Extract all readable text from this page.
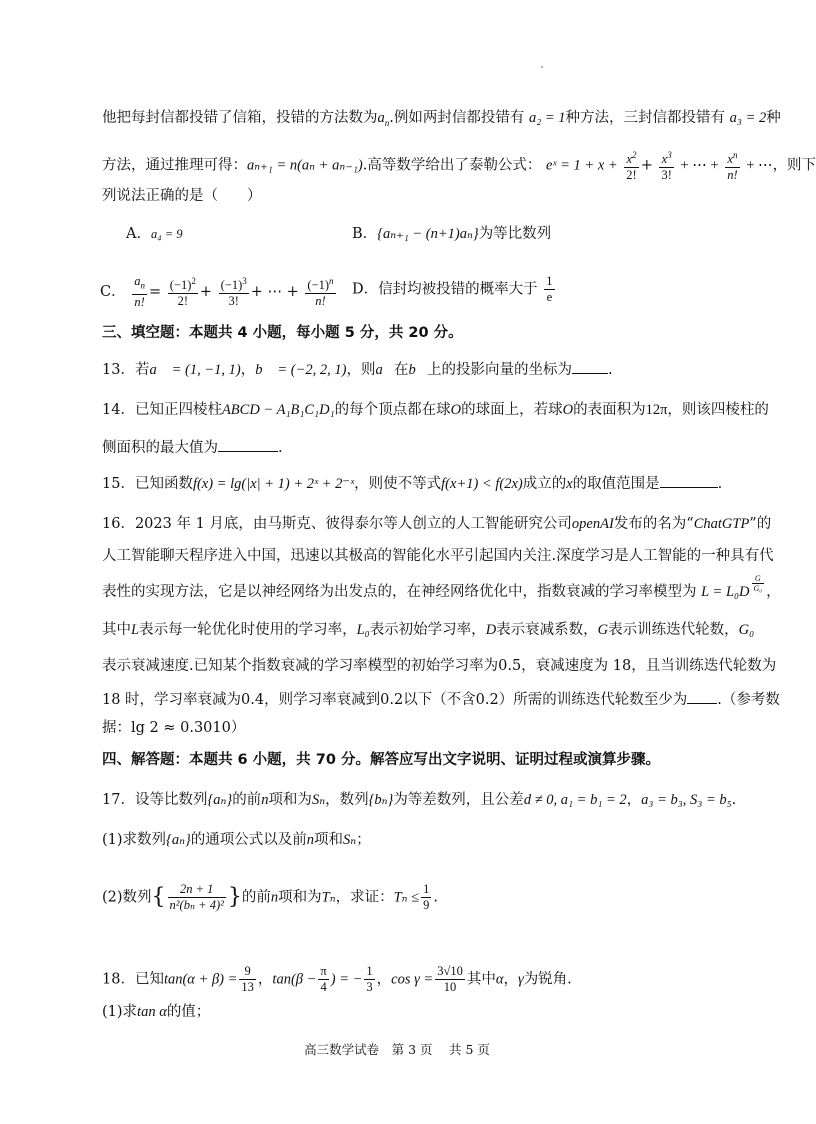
他把每封信都投错了信箱，投错的方法数为$a_n$.例如两封信都投错有 a₂ = 1种方法，三封信都投错有 a₃ = 2种
方法，通过推理可得：aₙ₊₁ = n(aₙ + aₙ₋₁).高等数学给出了泰勒公式： eˣ = $1 + x + \frac{x^2}{2!} + \frac{x^3}{3!}$ + ⋯ + $\frac{x^n}{n!}$ + ⋯，则下
列说法正确的是（　　）
A．a₄ = 9	B．{aₙ₊₁ − (n+1)aₙ}为等比数列
C． $\frac{a_n}{n!} = \frac{(-1)^2}{2!} + \frac{(-1)^3}{3!}$ + ⋯ + $\frac{(-1)^n}{n!}$ D．信封均被投错的概率大于 $\frac{1}{e}$
三、填空题：本题共 4 小题，每小题 5 分，共 20 分。
13．若a⃗ = (1, −1, 1)，b⃗ = (−2, 2, 1)，则a⃗在b⃗上的投影向量的坐标为 .
14．已知正四棱柱ABCD − A₁B₁C₁D₁的每个顶点都在球O的球面上，若球O的表面积为12π，则该四棱柱的
侧面积的最大值为	.
15．已知函数f(x) = lg(|x| + 1) + 2ˣ + 2⁻ˣ，则使不等式f(x+1) < f(2x)成立的x的取值范围是	.
16．2023 年 1 月底，由马斯克、彼得泰尔等人创立的人工智能研究公司openAI发布的名为“ChatGTP”的
人工智能聊天程序进入中国，迅速以其极高的智能化水平引起国内关注.深度学习是人工智能的一种具有代
表性的实现方法，它是以神经网络为出发点的，在神经网络优化中，指数衰减的学习率模型为 $L = L_0D \frac{G}{\text{G₀}}$ ，
其中L表示每一轮优化时使用的学习率，L₀表示初始学习率，D表示衰减系数，G表示训练迭代轮数，G₀
表示衰减速度.已知某个指数衰减的学习率模型的初始学习率为0.5，衰减速度为 18，且当训练迭代轮数为
18 时，学习率衰减为0.4，则学习率衰减到0.2以下（不含0.2）所需的训练迭代轮数至少为 .（参考数
据：lg 2 ≈ 0.3010）
四、解答题：本题共 6 小题，共 70 分。解答应写出文字说明、证明过程或演算步骤。
17．设等比数列{aₙ}的前n项和为Sₙ，数列{bₙ}为等差数列，且公差d ≠ 0, a₁ = b₁ = 2，a₃ = b₃, S₃ = b₅.
(1)求数列{aₙ}的通项公式以及前n项和Sₙ；
(2)数列{ $\frac{2n + 1}{\text{n²(bₙ + 4)²}}$ }的前n项和为Tₙ，求证：$T_n \le \frac{1}{9}$ .
18．已知$\tan(\alpha + \beta) = \frac{9}{13}$ ，$\tan(\beta - \frac{\pi}{4}$ ) = − $\frac{1}{3}$ ，$\cos \gamma = \frac{3√10}{10}$ 其中α，γ为锐角.
(1)求tan α的值；
高三数学试卷　第 3 页　 共 5 页
